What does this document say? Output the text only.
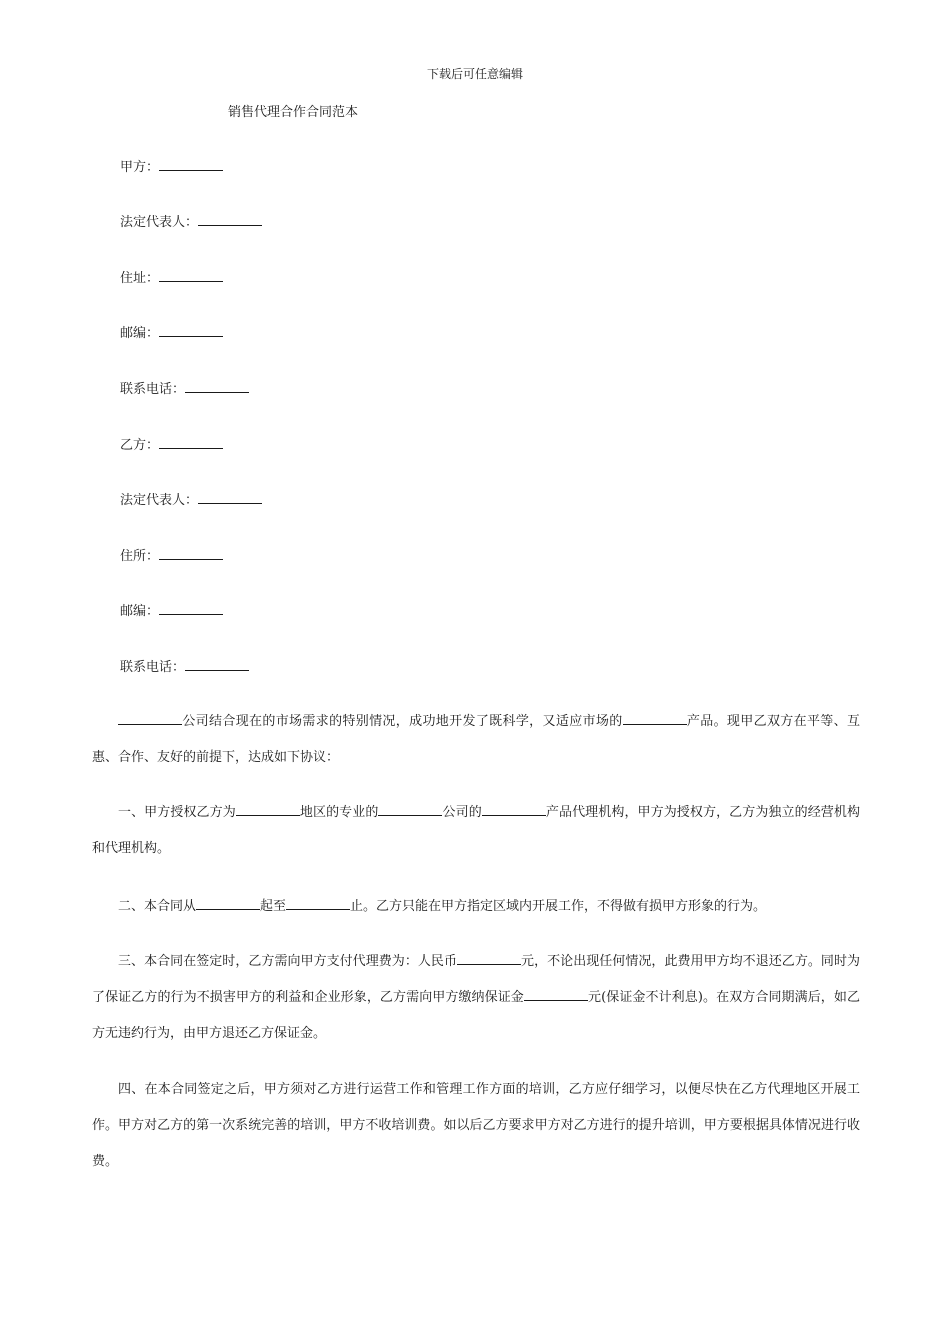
下载后可任意编辑
销售代理合作合同范本
甲方：
法定代表人：
住址：
邮编：
联系电话：
乙方：
法定代表人：
住所：
邮编：
联系电话：
公司结合现在的市场需求的特别情况，成功地开发了既科学，又适应市场的	产品。现甲乙双方在平等、互惠、合作、友好的前提下，达成如下协议：
一、甲方授权乙方为	地区的专业的	公司的	产品代理机构，甲方为授权方，乙方为独立的经营机构和代理机构。
二、本合同从	起至	止。乙方只能在甲方指定区域内开展工作，不得做有损甲方形象的行为。
三、本合同在签定时，乙方需向甲方支付代理费为：人民币	元，不论出现任何情况，此费用甲方均不退还乙方。同时为了保证乙方的行为不损害甲方的利益和企业形象，乙方需向甲方缴纳保证金	元(保证金不计利息)。在双方合同期满后，如乙方无违约行为，由甲方退还乙方保证金。
四、在本合同签定之后，甲方须对乙方进行运营工作和管理工作方面的培训，乙方应仔细学习，以便尽快在乙方代理地区开展工作。甲方对乙方的第一次系统完善的培训，甲方不收培训费。如以后乙方要求甲方对乙方进行的提升培训，甲方要根据具体情况进行收费。
